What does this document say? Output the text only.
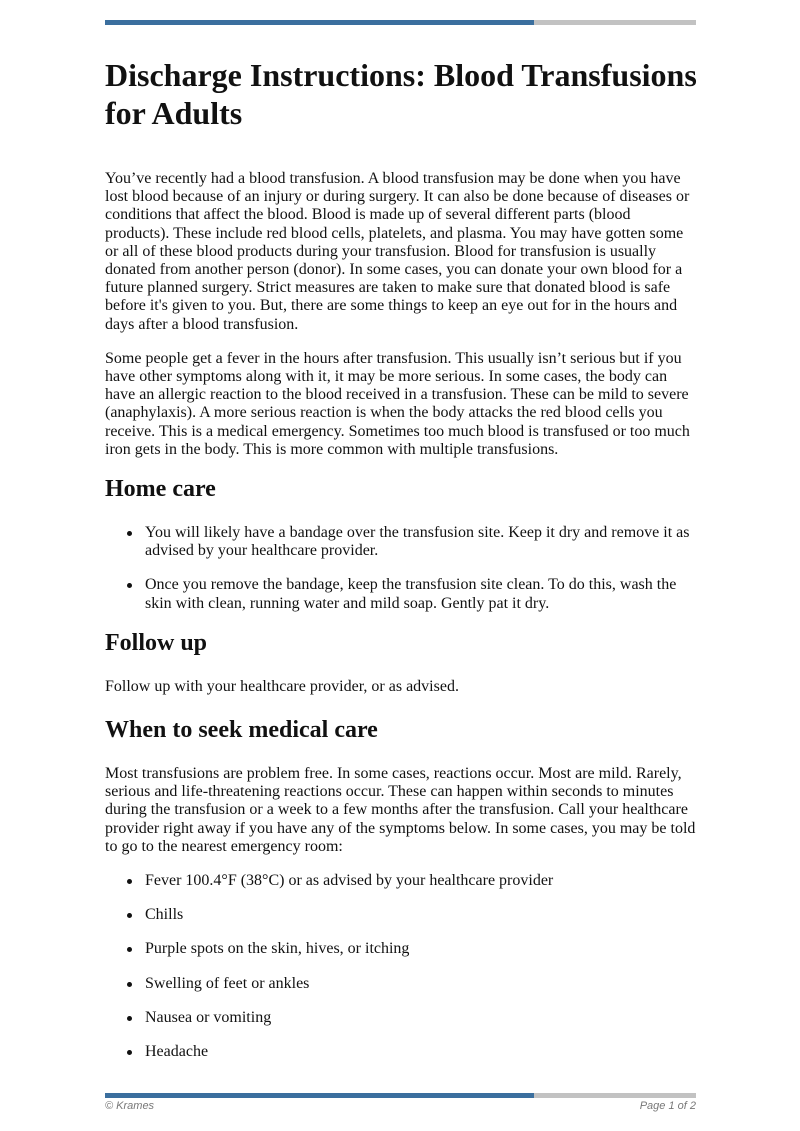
Discharge Instructions: Blood Transfusions for Adults

You’ve recently had a blood transfusion. A blood transfusion may be done when you have lost blood because of an injury or during surgery. It can also be done because of diseases or conditions that affect the blood. Blood is made up of several different parts (blood products). These include red blood cells, platelets, and plasma. You may have gotten some or all of these blood products during your transfusion. Blood for transfusion is usually donated from another person (donor). In some cases, you can donate your own blood for a future planned surgery. Strict measures are taken to make sure that donated blood is safe before it's given to you. But, there are some things to keep an eye out for in the hours and days after a blood transfusion.

Some people get a fever in the hours after transfusion. This usually isn’t serious but if you have other symptoms along with it, it may be more serious. In some cases, the body can have an allergic reaction to the blood received in a transfusion. These can be mild to severe (anaphylaxis). A more serious reaction is when the body attacks the red blood cells you receive. This is a medical emergency. Sometimes too much blood is transfused or too much iron gets in the body. This is more common with multiple transfusions.

Home care
You will likely have a bandage over the transfusion site. Keep it dry and remove it as advised by your healthcare provider.
Once you remove the bandage, keep the transfusion site clean. To do this, wash the skin with clean, running water and mild soap. Gently pat it dry.
Follow up

Follow up with your healthcare provider, or as advised.

When to seek medical care

Most transfusions are problem free. In some cases, reactions occur. Most are mild. Rarely, serious and life-threatening reactions occur. These can happen within seconds to minutes during the transfusion or a week to a few months after the transfusion. Call your healthcare provider right away if you have any of the symptoms below. In some cases, you may be told to go to the nearest emergency room:

Fever 100.4°F (38°C) or as advised by your healthcare provider
Chills
Purple spots on the skin, hives, or itching
Swelling of feet or ankles
Nausea or vomiting
Headache
© Krames	Page 1 of 2
